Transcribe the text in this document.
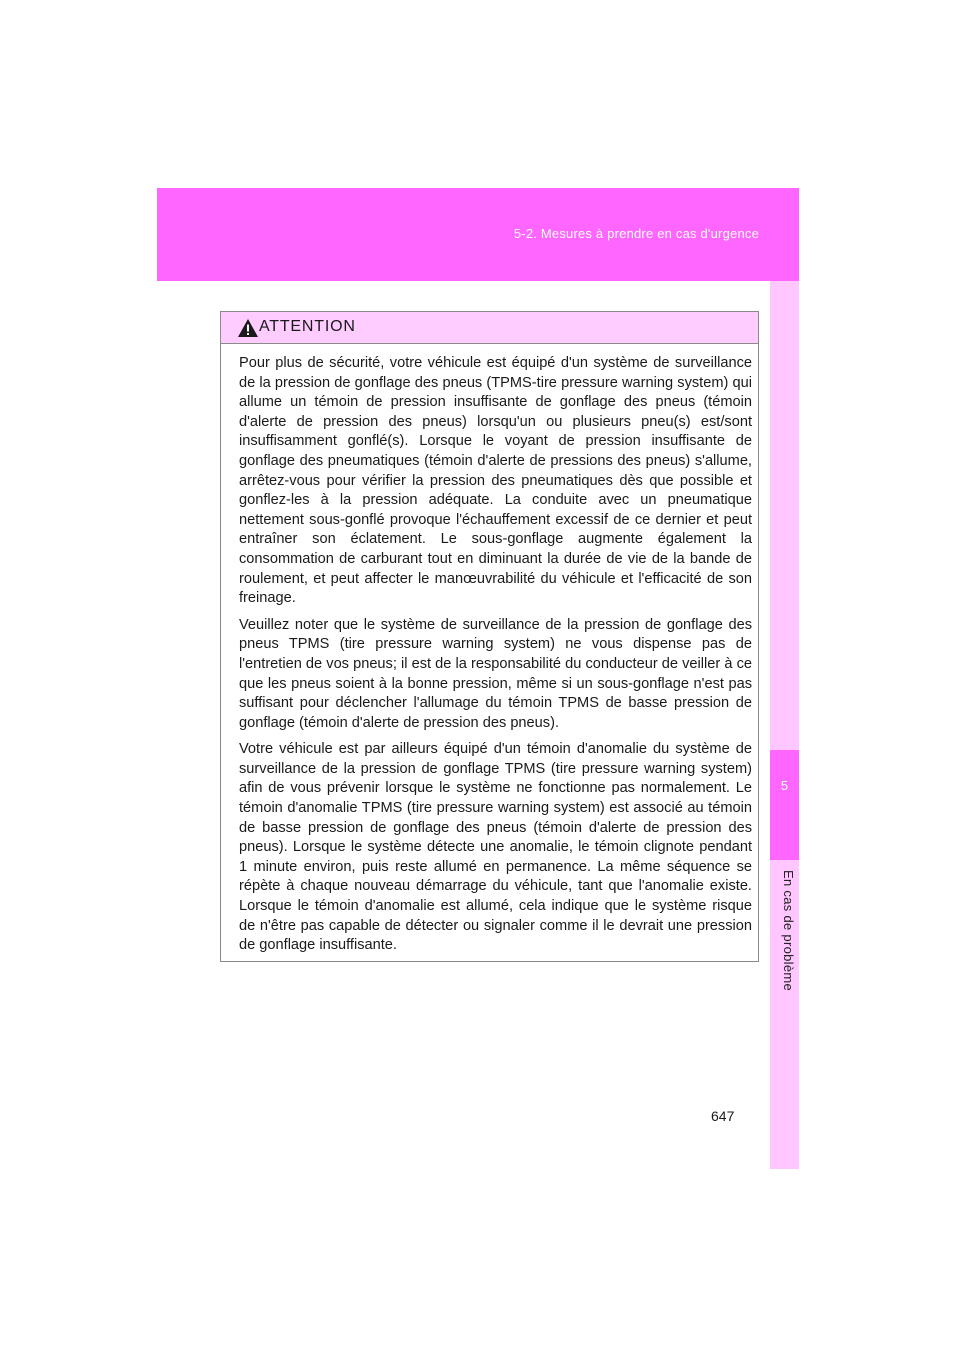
5-2. Mesures à prendre en cas d'urgence
5
En cas de problème
ATTENTION

Pour plus de sécurité, votre véhicule est équipé d'un système de surveillance de la pression de gonflage des pneus (TPMS-tire pressure warning system) qui allume un témoin de pression insuffisante de gonflage des pneus (témoin d'alerte de pression des pneus) lorsqu'un ou plusieurs pneu(s) est/sont insuffisamment gonflé(s). Lorsque le voyant de pression insuffisante de gonflage des pneumatiques (témoin d'alerte de pressions des pneus) s'allume, arrêtez-vous pour vérifier la pression des pneumatiques dès que possible et gonflez-les à la pression adéquate. La conduite avec un pneumatique nettement sous-gonflé provoque l'échauffement excessif de ce dernier et peut entraîner son éclatement. Le sous-gonflage augmente également la consommation de carburant tout en diminuant la durée de vie de la bande de roulement, et peut affecter le manœuvrabilité du véhicule et l'efficacité de son freinage.

Veuillez noter que le système de surveillance de la pression de gonflage des pneus TPMS (tire pressure warning system) ne vous dispense pas de l'entretien de vos pneus; il est de la responsabilité du conducteur de veiller à ce que les pneus soient à la bonne pression, même si un sous-gonflage n'est pas suffisant pour déclencher l'allumage du témoin TPMS de basse pression de gonflage (témoin d'alerte de pression des pneus).

Votre véhicule est par ailleurs équipé d'un témoin d'anomalie du système de surveillance de la pression de gonflage TPMS (tire pressure warning system) afin de vous prévenir lorsque le système ne fonctionne pas normalement. Le témoin d'anomalie TPMS (tire pressure warning system) est associé au témoin de basse pression de gonflage des pneus (témoin d'alerte de pression des pneus). Lorsque le système détecte une anomalie, le témoin clignote pendant 1 minute environ, puis reste allumé en permanence. La même séquence se répète à chaque nouveau démarrage du véhicule, tant que l'anomalie existe. Lorsque le témoin d'anomalie est allumé, cela indique que le système risque de n'être pas capable de détecter ou signaler comme il le devrait une pression de gonflage insuffisante.

647
